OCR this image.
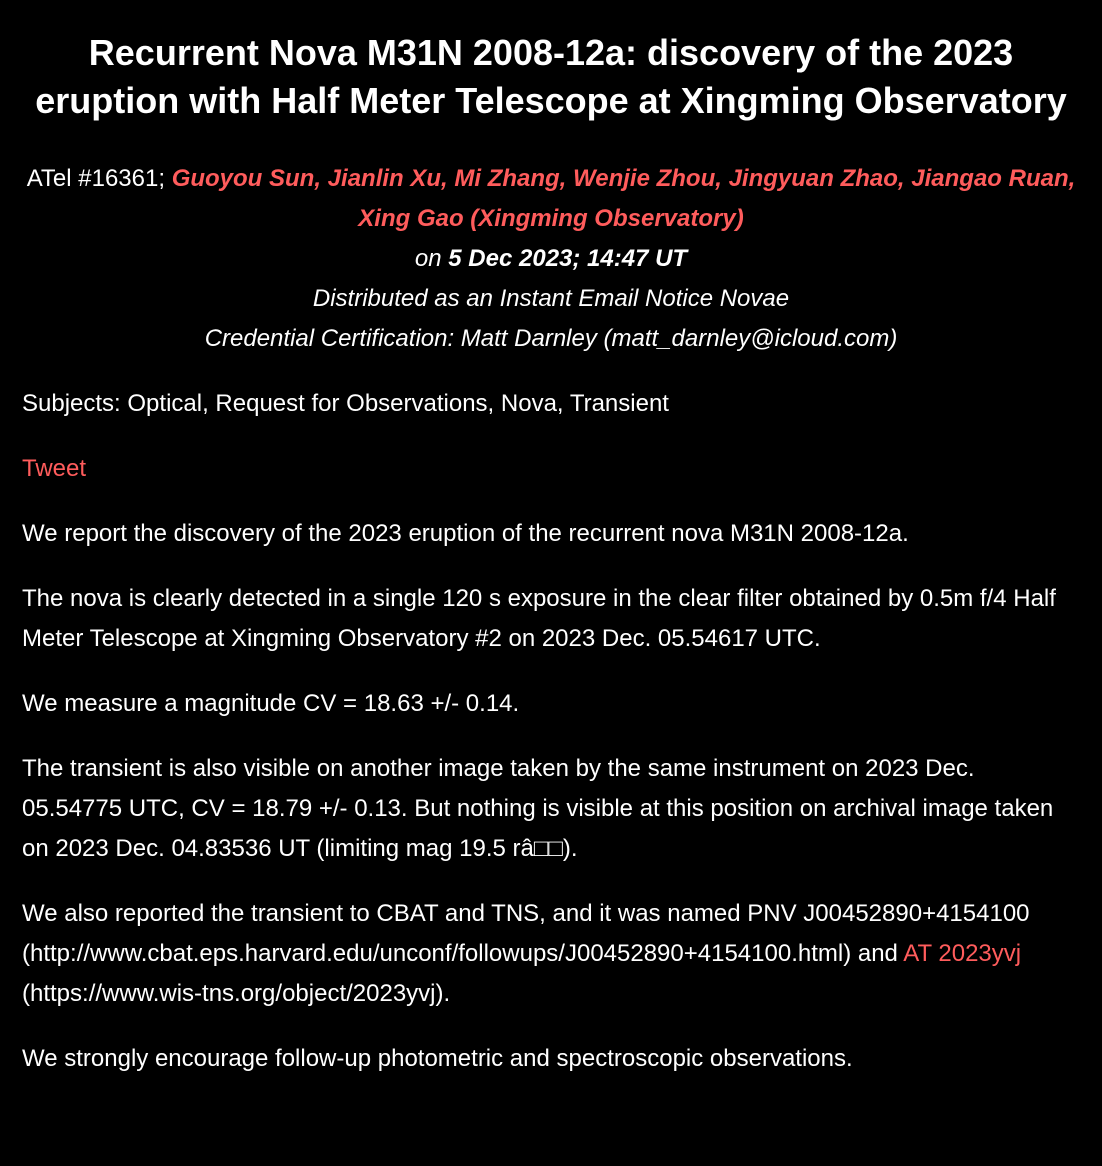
Recurrent Nova M31N 2008-12a: discovery of the 2023 eruption with Half Meter Telescope at Xingming Observatory
ATel #16361; Guoyou Sun, Jianlin Xu, Mi Zhang, Wenjie Zhou, Jingyuan Zhao, Jiangao Ruan, Xing Gao (Xingming Observatory)
on 5 Dec 2023; 14:47 UT
Distributed as an Instant Email Notice Novae
Credential Certification: Matt Darnley (matt_darnley@icloud.com)

Subjects: Optical, Request for Observations, Nova, Transient

Tweet

We report the discovery of the 2023 eruption of the recurrent nova M31N 2008-12a.

The nova is clearly detected in a single 120 s exposure in the clear filter obtained by 0.5m f/4 Half Meter Telescope at Xingming Observatory #2 on 2023 Dec. 05.54617 UTC.

We measure a magnitude CV = 18.63 +/- 0.14.

The transient is also visible on another image taken by the same instrument on 2023 Dec. 05.54775 UTC, CV = 18.79 +/- 0.13. But nothing is visible at this position on archival image taken on 2023 Dec. 04.83536 UT (limiting mag 19.5 râ□□).

We also reported the transient to CBAT and TNS, and it was named PNV J00452890+4154100 (http://www.cbat.eps.harvard.edu/unconf/followups/J00452890+4154100.html) and AT 2023yvj (https://www.wis-tns.org/object/2023yvj).

We strongly encourage follow-up photometric and spectroscopic observations.
